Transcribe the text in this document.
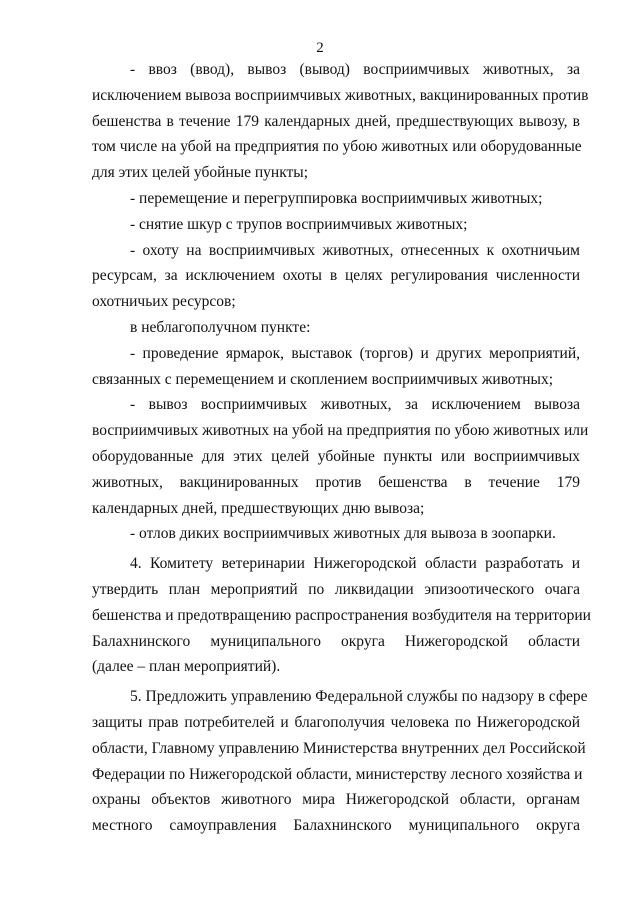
2
- ввоз (ввод), вывоз (вывод) восприимчивых животных, за
исключением вывоза восприимчивых животных, вакцинированных против
бешенства в течение 179 календарных дней, предшествующих вывозу, в
том числе на убой на предприятия по убою животных или оборудованные
для этих целей убойные пункты;
- перемещение и перегруппировка восприимчивых животных;
- снятие шкур с трупов восприимчивых животных;
- охоту на восприимчивых животных, отнесенных к охотничьим
ресурсам, за исключением охоты в целях регулирования численности
охотничьих ресурсов;
в неблагополучном пункте:
- проведение ярмарок, выставок (торгов) и других мероприятий,
связанных с перемещением и скоплением восприимчивых животных;
- вывоз восприимчивых животных, за исключением вывоза
восприимчивых животных на убой на предприятия по убою животных или
оборудованные для этих целей убойные пункты или восприимчивых
животных, вакцинированных против бешенства в течение 179
календарных дней, предшествующих дню вывоза;
- отлов диких восприимчивых животных для вывоза в зоопарки.
4. Комитету ветеринарии Нижегородской области разработать и
утвердить план мероприятий по ликвидации эпизоотического очага
бешенства и предотвращению распространения возбудителя на территории
Балахнинского муниципального округа Нижегородской области
(далее – план мероприятий).
5. Предложить управлению Федеральной службы по надзору в сфере
защиты прав потребителей и благополучия человека по Нижегородской
области, Главному управлению Министерства внутренних дел Российской
Федерации по Нижегородской области, министерству лесного хозяйства и
охраны объектов животного мира Нижегородской области, органам
местного самоуправления Балахнинского муниципального округа
